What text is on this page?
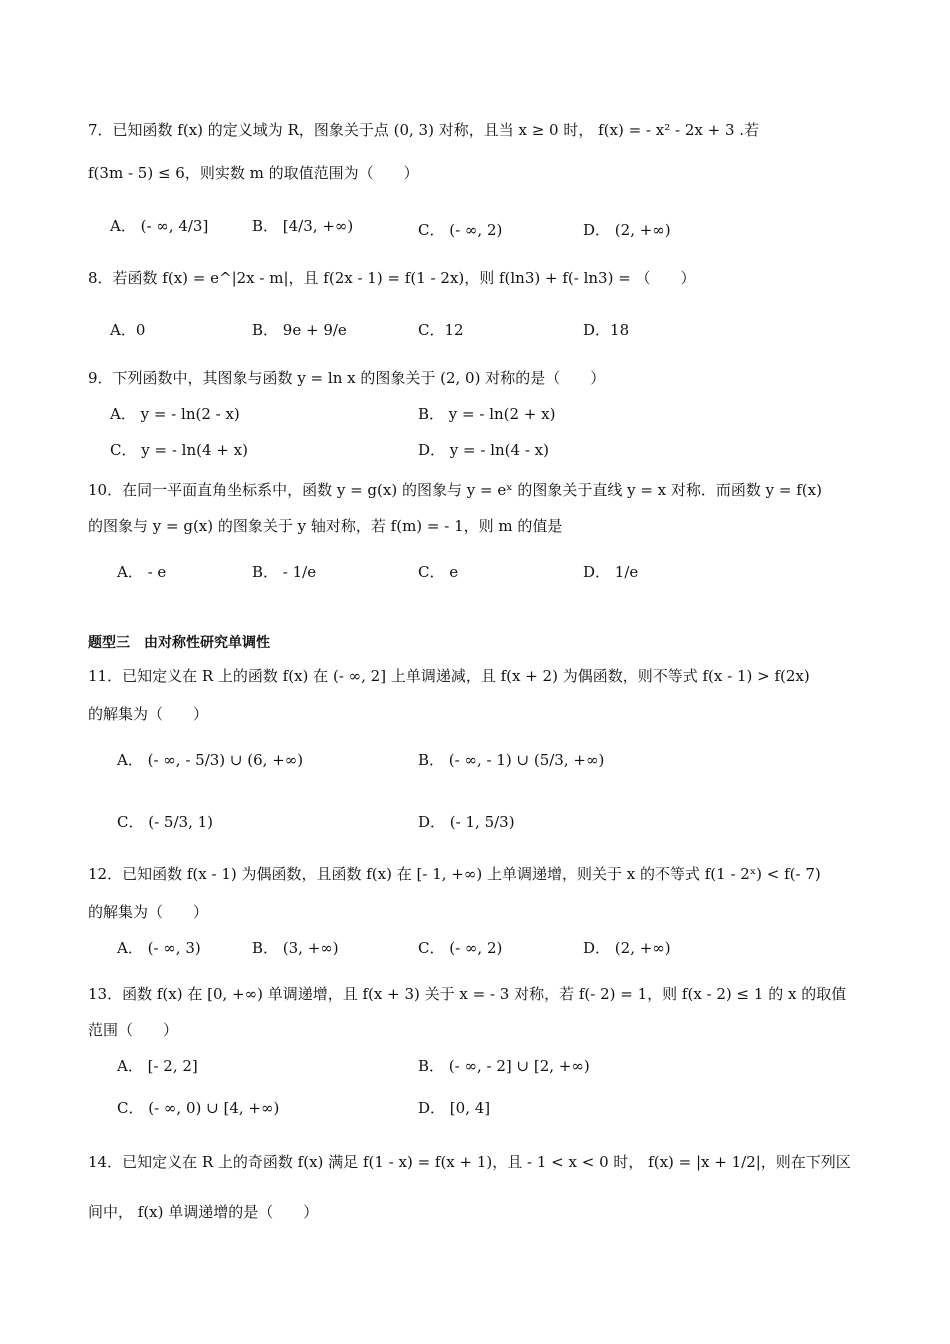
7．已知函数 f(x) 的定义域为 R，图象关于点 (0, 3) 对称，且当 x ≥ 0 时， f(x) = - x² - 2x + 3 .若
f(3m - 5) ≤ 6，则实数 m 的取值范围为（　　）
A． (- ∞, 4/3]	B． [4/3, +∞)	C． (- ∞, 2)	D． (2, +∞)
8．若函数 f(x) = e^|2x - m|，且 f(2x - 1) = f(1 - 2x)，则 f(ln3) + f(- ln3) = （　　）
A．0	B． 9e + 9/e	C．12	D．18
9．下列函数中，其图象与函数 y = ln x 的图象关于 (2, 0) 对称的是（　　）
A． y = - ln(2 - x)	B． y = - ln(2 + x)
C． y = - ln(4 + x)	D． y = - ln(4 - x)
10．在同一平面直角坐标系中，函数 y = g(x) 的图象与 y = eˣ 的图象关于直线 y = x 对称．而函数 y = f(x)
的图象与 y = g(x) 的图象关于 y 轴对称，若 f(m) = - 1，则 m 的值是
A． - e	B． - 1/e	C． e	D． 1/e
题型三　由对称性研究单调性
11．已知定义在 R 上的函数 f(x) 在 (- ∞, 2] 上单调递减，且 f(x + 2) 为偶函数，则不等式 f(x - 1) > f(2x)
的解集为（　　）
A． (- ∞, - 5/3) ∪ (6, +∞)	B． (- ∞, - 1) ∪ (5/3, +∞)
C． (- 5/3, 1)	D． (- 1, 5/3)
12．已知函数 f(x - 1) 为偶函数，且函数 f(x) 在 [- 1, +∞) 上单调递增，则关于 x 的不等式 f(1 - 2ˣ) < f(- 7)
的解集为（　　）
A． (- ∞, 3)	B． (3, +∞)	C． (- ∞, 2)	D． (2, +∞)
13．函数 f(x) 在 [0, +∞) 单调递增，且 f(x + 3) 关于 x = - 3 对称，若 f(- 2) = 1，则 f(x - 2) ≤ 1 的 x 的取值
范围（　　）
A． [- 2, 2]	B． (- ∞, - 2] ∪ [2, +∞)
C． (- ∞, 0) ∪ [4, +∞)	D． [0, 4]
14．已知定义在 R 上的奇函数 f(x) 满足 f(1 - x) = f(x + 1)，且 - 1 < x < 0 时， f(x) = |x + 1/2|，则在下列区
间中， f(x) 单调递增的是（　　）
